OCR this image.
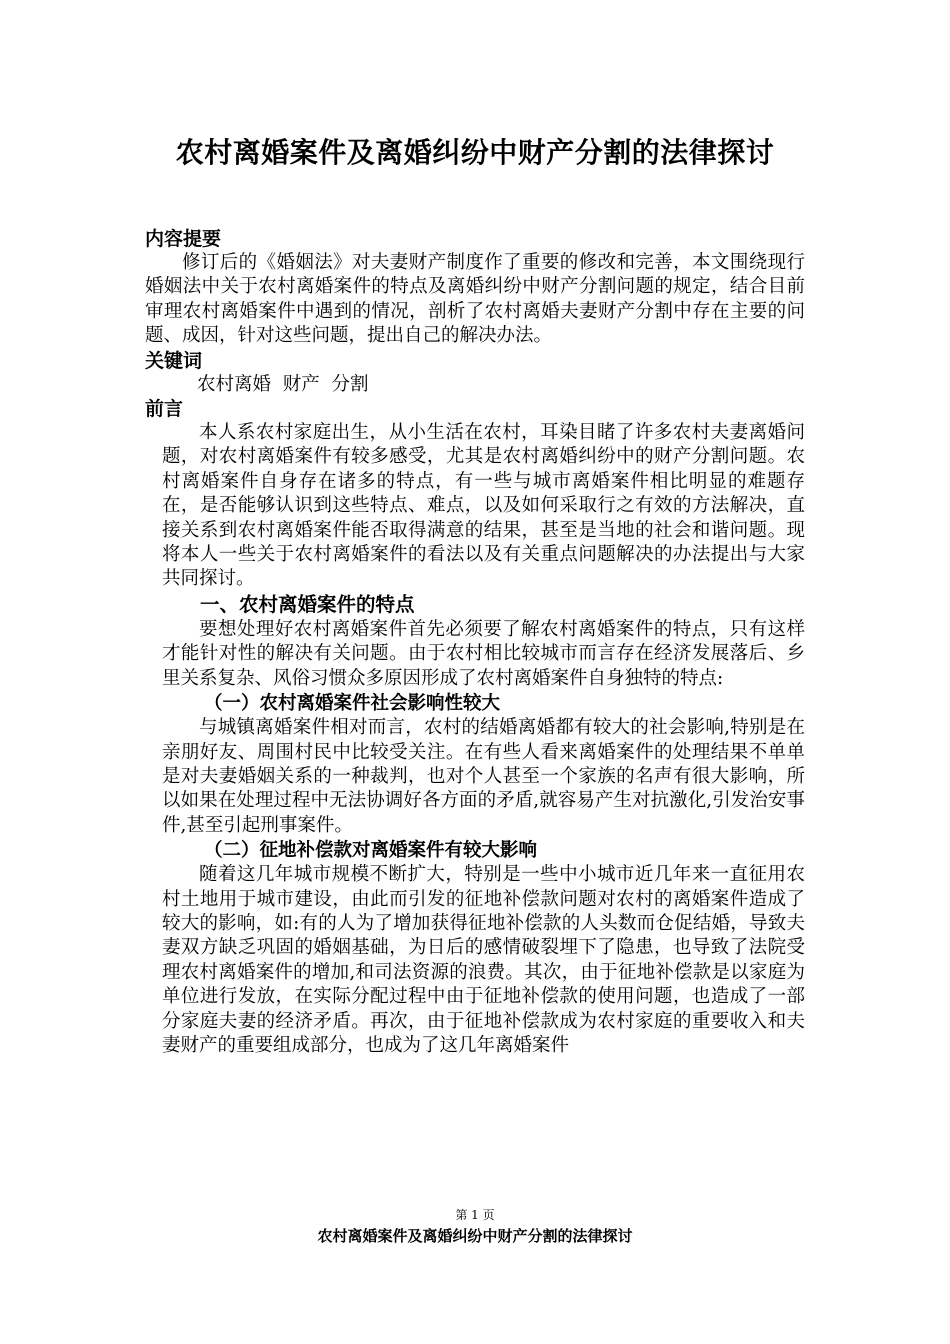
农村离婚案件及离婚纠纷中财产分割的法律探讨
内容提要

修订后的《婚姻法》对夫妻财产制度作了重要的修改和完善，本文围绕现行婚姻法中关于农村离婚案件的特点及离婚纠纷中财产分割问题的规定，结合目前审理农村离婚案件中遇到的情况，剖析了农村离婚夫妻财产分割中存在主要的问题、成因，针对这些问题，提出自己的解决办法。

关键词

农村离婚  财产  分割

前言

本人系农村家庭出生，从小生活在农村，耳染目睹了许多农村夫妻离婚问题，对农村离婚案件有较多感受，尤其是农村离婚纠纷中的财产分割问题。农村离婚案件自身存在诸多的特点，有一些与城市离婚案件相比明显的难题存在，是否能够认识到这些特点、难点，以及如何采取行之有效的方法解决，直接关系到农村离婚案件能否取得满意的结果，甚至是当地的社会和谐问题。现将本人一些关于农村离婚案件的看法以及有关重点问题解决的办法提出与大家共同探讨。

一、农村离婚案件的特点

要想处理好农村离婚案件首先必须要了解农村离婚案件的特点，只有这样才能针对性的解决有关问题。由于农村相比较城市而言存在经济发展落后、乡里关系复杂、风俗习惯众多原因形成了农村离婚案件自身独特的特点:

（一）农村离婚案件社会影响性较大

与城镇离婚案件相对而言，农村的结婚离婚都有较大的社会影响,特别是在亲朋好友、周围村民中比较受关注。在有些人看来离婚案件的处理结果不单单是对夫妻婚姻关系的一种裁判，也对个人甚至一个家族的名声有很大影响，所以如果在处理过程中无法协调好各方面的矛盾,就容易产生对抗激化,引发治安事件,甚至引起刑事案件。

（二）征地补偿款对离婚案件有较大影响

随着这几年城市规模不断扩大，特别是一些中小城市近几年来一直征用农村土地用于城市建设，由此而引发的征地补偿款问题对农村的离婚案件造成了较大的影响，如:有的人为了增加获得征地补偿款的人头数而仓促结婚，导致夫妻双方缺乏巩固的婚姻基础，为日后的感情破裂埋下了隐患，也导致了法院受理农村离婚案件的增加,和司法资源的浪费。其次，由于征地补偿款是以家庭为单位进行发放，在实际分配过程中由于征地补偿款的使用问题，也造成了一部分家庭夫妻的经济矛盾。再次，由于征地补偿款成为农村家庭的重要收入和夫妻财产的重要组成部分，也成为了这几年离婚案件

第 1 页
农村离婚案件及离婚纠纷中财产分割的法律探讨
